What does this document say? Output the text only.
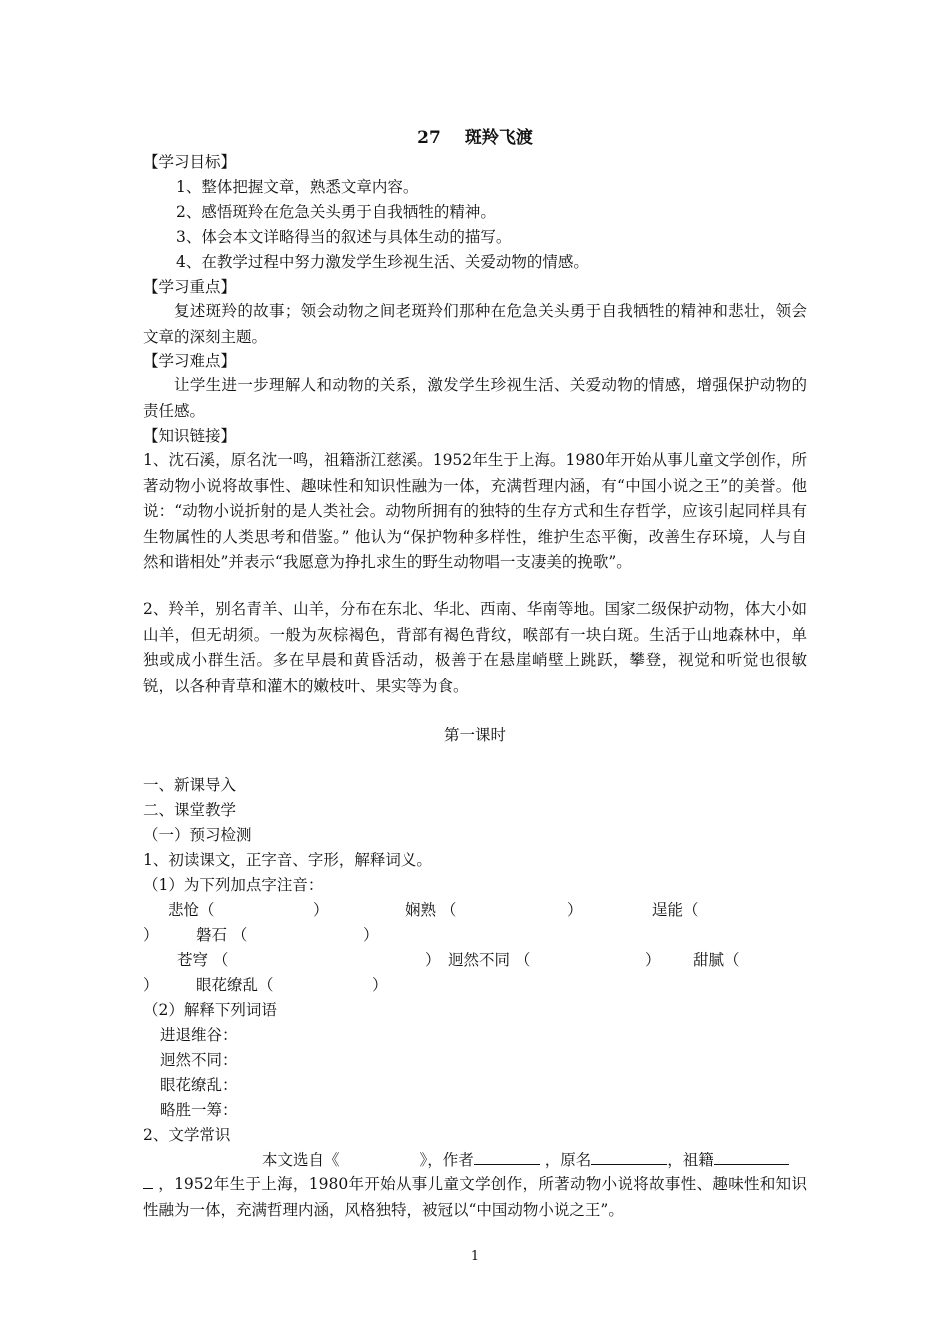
27 斑羚飞渡
【学习目标】
1、整体把握文章，熟悉文章内容。
2、感悟斑羚在危急关头勇于自我牺牲的精神。
3、体会本文详略得当的叙述与具体生动的描写。
4、在教学过程中努力激发学生珍视生活、关爱动物的情感。
【学习重点】
复述斑羚的故事；领会动物之间老斑羚们那种在危急关头勇于自我牺牲的精神和悲壮，领会文章的深刻主题。
【学习难点】
让学生进一步理解人和动物的关系，激发学生珍视生活、关爱动物的情感，增强保护动物的责任感。
【知识链接】
1、沈石溪，原名沈一鸣，祖籍浙江慈溪。1952年生于上海。1980年开始从事儿童文学创作，所著动物小说将故事性、趣味性和知识性融为一体，充满哲理内涵，有“中国小说之王”的美誉。他说：“动物小说折射的是人类社会。动物所拥有的独特的生存方式和生存哲学，应该引起同样具有生物属性的人类思考和借鉴。” 他认为“保护物种多样性，维护生态平衡，改善生存环境，人与自然和谐相处”并表示“我愿意为挣扎求生的野生动物唱一支凄美的挽歌”。
2、羚羊，别名青羊、山羊，分布在东北、华北、西南、华南等地。国家二级保护动物，体大小如山羊，但无胡须。一般为灰棕褐色，背部有褐色背纹，喉部有一块白斑。生活于山地森林中，单独或成小群生活。多在早晨和黄昏活动，极善于在悬崖峭壁上跳跃，攀登，视觉和听觉也很敏锐，以各种青草和灌木的嫩枝叶、果实等为食。
第一课时
一、新课导入
二、课堂教学
（一）预习检测
1、初读课文，正字音、字形，解释词义。
（1）为下列加点字注音：
悲怆（	）	娴熟 （	）	逞能（
） 磐石 （	）
苍穹 （	） 迥然不同 （	） 甜腻（
） 眼花缭乱（	）
（2）解释下列词语
进退维谷：
迥然不同：
眼花缭乱：
略胜一筹：
2、文学常识
本文选自《	》，作者	，原名	，祖籍
，1952年生于上海，1980年开始从事儿童文学创作，所著动物小说将故事性、趣味性和知识性融为一体，充满哲理内涵，风格独特，被冠以“中国动物小说之王”。
1
